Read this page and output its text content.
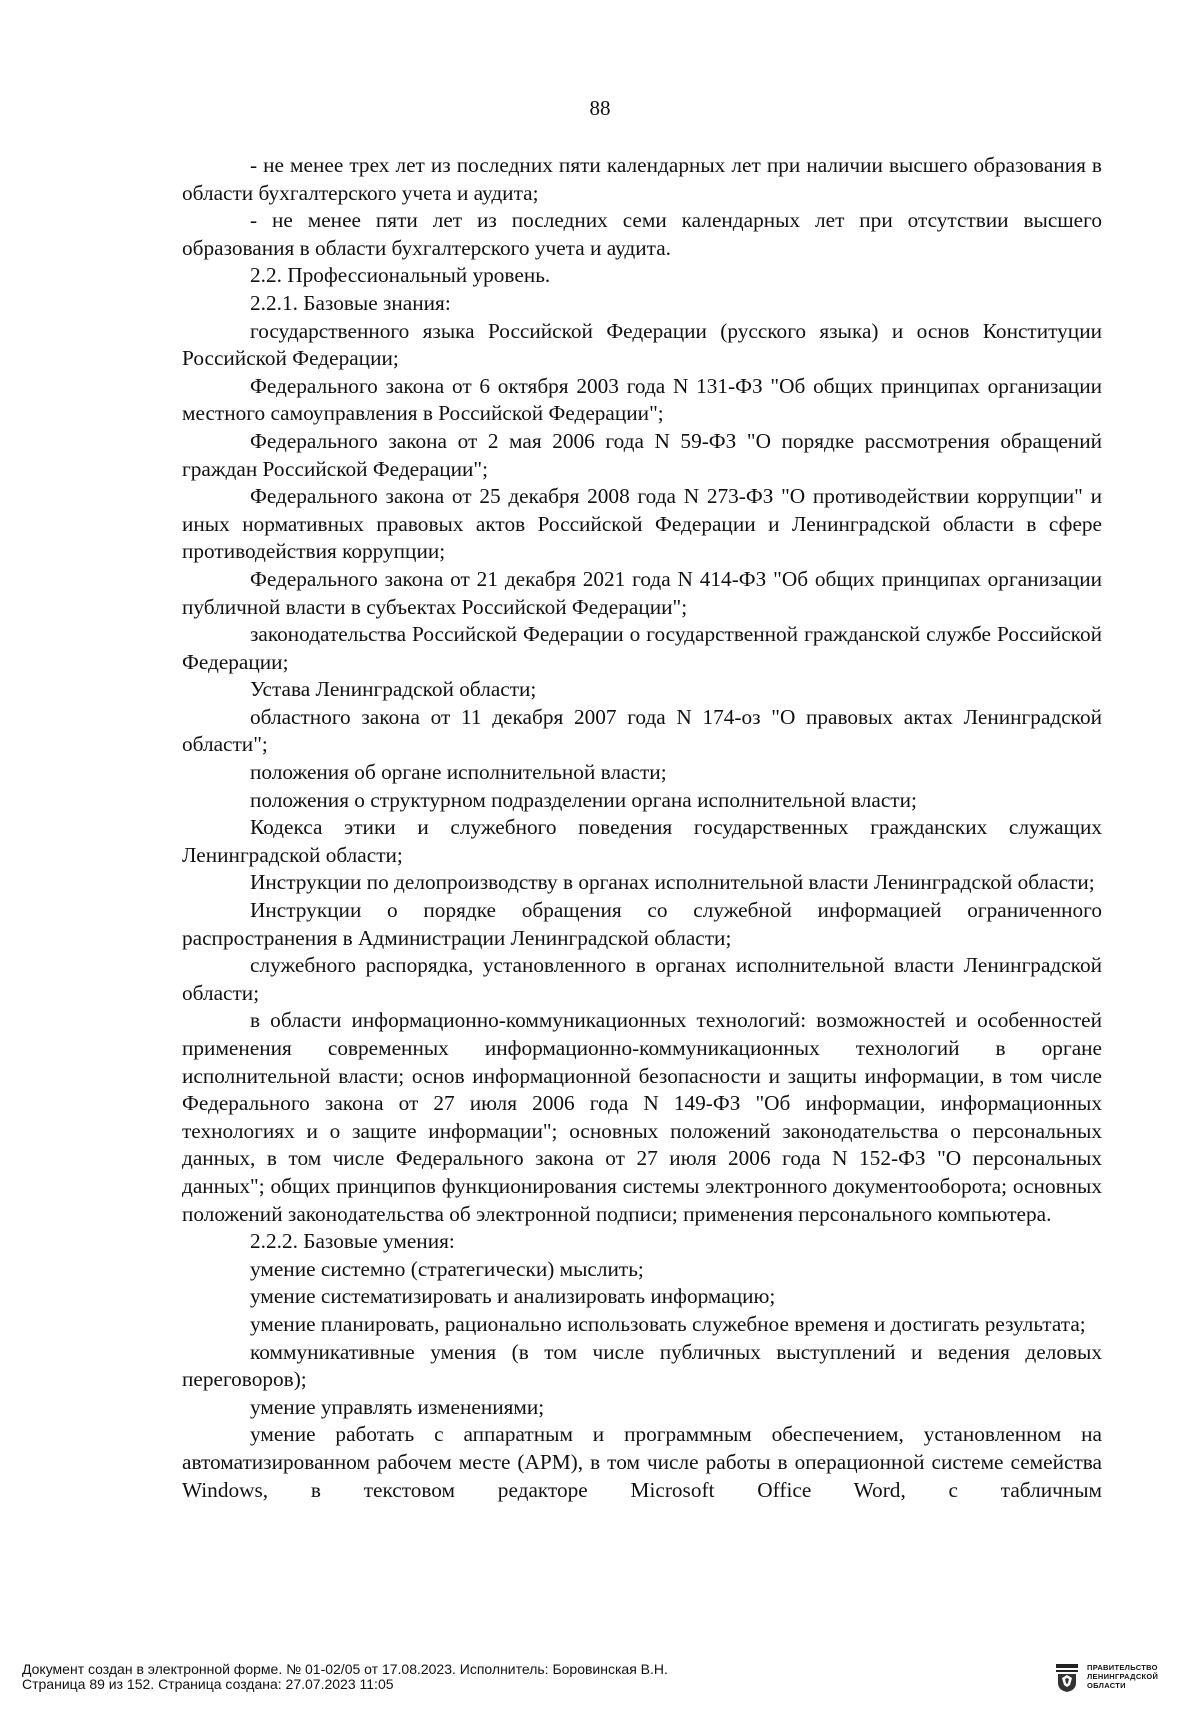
88

- не менее трех лет из последних пяти календарных лет при наличии высшего образования в области бухгалтерского учета и аудита;

- не менее пяти лет из последних семи календарных лет при отсутствии высшего образования в области бухгалтерского учета и аудита.

2.2. Профессиональный уровень.

2.2.1. Базовые знания:

государственного языка Российской Федерации (русского языка) и основ Конституции Российской Федерации;

Федерального закона от 6 октября 2003 года N 131-ФЗ "Об общих принципах организации местного самоуправления в Российской Федерации";

Федерального закона от 2 мая 2006 года N 59-ФЗ "О порядке рассмотрения обращений граждан Российской Федерации";

Федерального закона от 25 декабря 2008 года N 273-ФЗ "О противодействии коррупции" и иных нормативных правовых актов Российской Федерации и Ленинградской области в сфере противодействия коррупции;

Федерального закона от 21 декабря 2021 года N 414-ФЗ "Об общих принципах организации публичной власти в субъектах Российской Федерации";

законодательства Российской Федерации о государственной гражданской службе Российской Федерации;

Устава Ленинградской области;

областного закона от 11 декабря 2007 года N 174-оз "О правовых актах Ленинградской области";

положения об органе исполнительной власти;

положения о структурном подразделении органа исполнительной власти;

Кодекса этики и служебного поведения государственных гражданских служащих Ленинградской области;

Инструкции по делопроизводству в органах исполнительной власти Ленинградской области;

Инструкции о порядке обращения со служебной информацией ограниченного распространения в Администрации Ленинградской области;

служебного распорядка, установленного в органах исполнительной власти Ленинградской области;

в области информационно-коммуникационных технологий: возможностей и особенностей применения современных информационно-коммуникационных технологий в органе исполнительной власти; основ информационной безопасности и защиты информации, в том числе Федерального закона от 27 июля 2006 года N 149-ФЗ "Об информации, информационных технологиях и о защите информации"; основных положений законодательства о персональных данных, в том числе Федерального закона от 27 июля 2006 года N 152-ФЗ "О персональных данных"; общих принципов функционирования системы электронного документооборота; основных положений законодательства об электронной подписи; применения персонального компьютера.

2.2.2. Базовые умения:

умение системно (стратегически) мыслить;

умение систематизировать и анализировать информацию;

умение планировать, рационально использовать служебное временя и достигать результата;

коммуникативные умения (в том числе публичных выступлений и ведения деловых переговоров);

умение управлять изменениями;

умение работать с аппаратным и программным обеспечением, установленном на автоматизированном рабочем месте (АРМ), в том числе работы в операционной системе семейства Windows, в текстовом редакторе Microsoft Office Word, с табличным

Документ создан в электронной форме. № 01-02/05 от 17.08.2023. Исполнитель: Боровинская В.Н.
Страница 89 из 152. Страница создана: 27.07.2023 11:05
ПРАВИТЕЛЬСТВО
ЛЕНИНГРАДСКОЙ
ОБЛАСТИ
